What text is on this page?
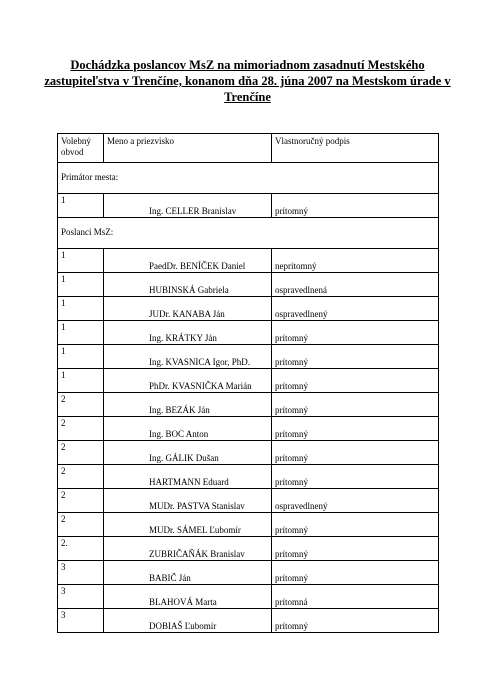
Dochádzka poslancov MsZ na mimoriadnom zasadnutí Mestského zastupiteľstva v Trenčíne, konanom dňa 28. júna 2007 na Mestskom úrade v Trenčíne
Volebný obvod	Meno a priezvisko	Vlastnoručný podpis
Primátor mesta:		
1	Ing. CELLER Branislav	prítomný
Poslanci MsZ:		
1	PaedDr. BENÍČEK Daniel	neprítomný
1	HUBINSKÁ Gabriela	ospravedlnená
1	JUDr. KANABA Ján	ospravedlnený
1	Ing. KRÁTKY Ján	prítomný
1	Ing. KVASNICA Igor, PhD.	prítomný
1	PhDr. KVASNIČKA Marián	prítomný
2	Ing. BEZÁK Ján	prítomný
2	Ing. BOC Anton	prítomný
2	Ing. GÁLIK Dušan	prítomný
2	HARTMANN Eduard	prítomný
2	MUDr. PASTVA Stanislav	ospravedlnený
2	MUDr. SÁMEL Ľubomír	prítomný
2.	ZUBRIČAŇÁK Branislav	prítomný
3	BABIČ Ján	prítomný
3	BLAHOVÁ Marta	prítomná
3	DOBIAŠ Ľubomír	prítomný
